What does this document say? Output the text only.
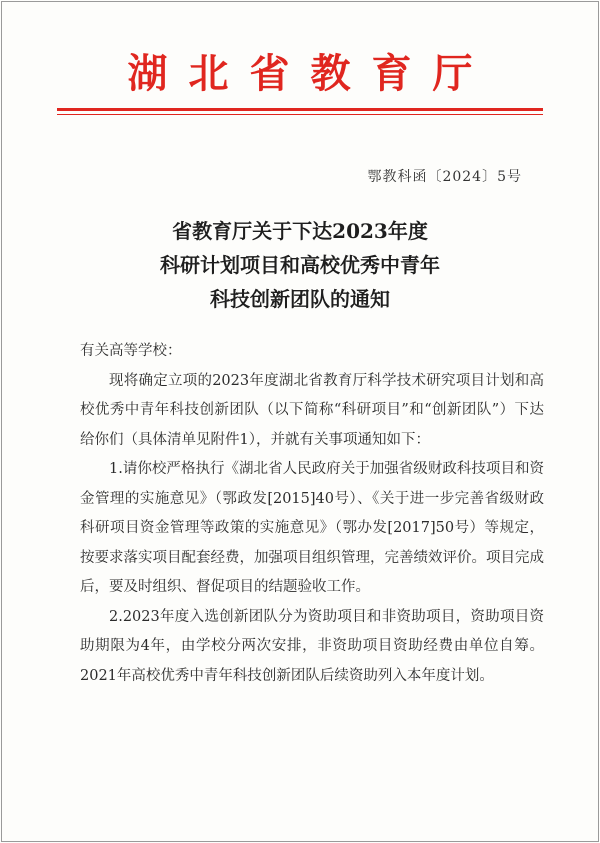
湖北省教育厅
鄂教科函〔2024〕5号
省教育厅关于下达2023年度
科研计划项目和高校优秀中青年
科技创新团队的通知

有关高等学校：

现将确定立项的2023年度湖北省教育厅科学技术研究项目计划和高校优秀中青年科技创新团队（以下简称“科研项目”和“创新团队”）下达给你们（具体清单见附件1），并就有关事项通知如下：

1.请你校严格执行《湖北省人民政府关于加强省级财政科技项目和资金管理的实施意见》（鄂政发[2015]40号）、《关于进一步完善省级财政科研项目资金管理等政策的实施意见》（鄂办发[2017]50号）等规定，按要求落实项目配套经费，加强项目组织管理，完善绩效评价。项目完成后，要及时组织、督促项目的结题验收工作。

2.2023年度入选创新团队分为资助项目和非资助项目，资助项目资助期限为4年，由学校分两次安排，非资助项目资助经费由单位自筹。2021年高校优秀中青年科技创新团队后续资助列入本年度计划。
